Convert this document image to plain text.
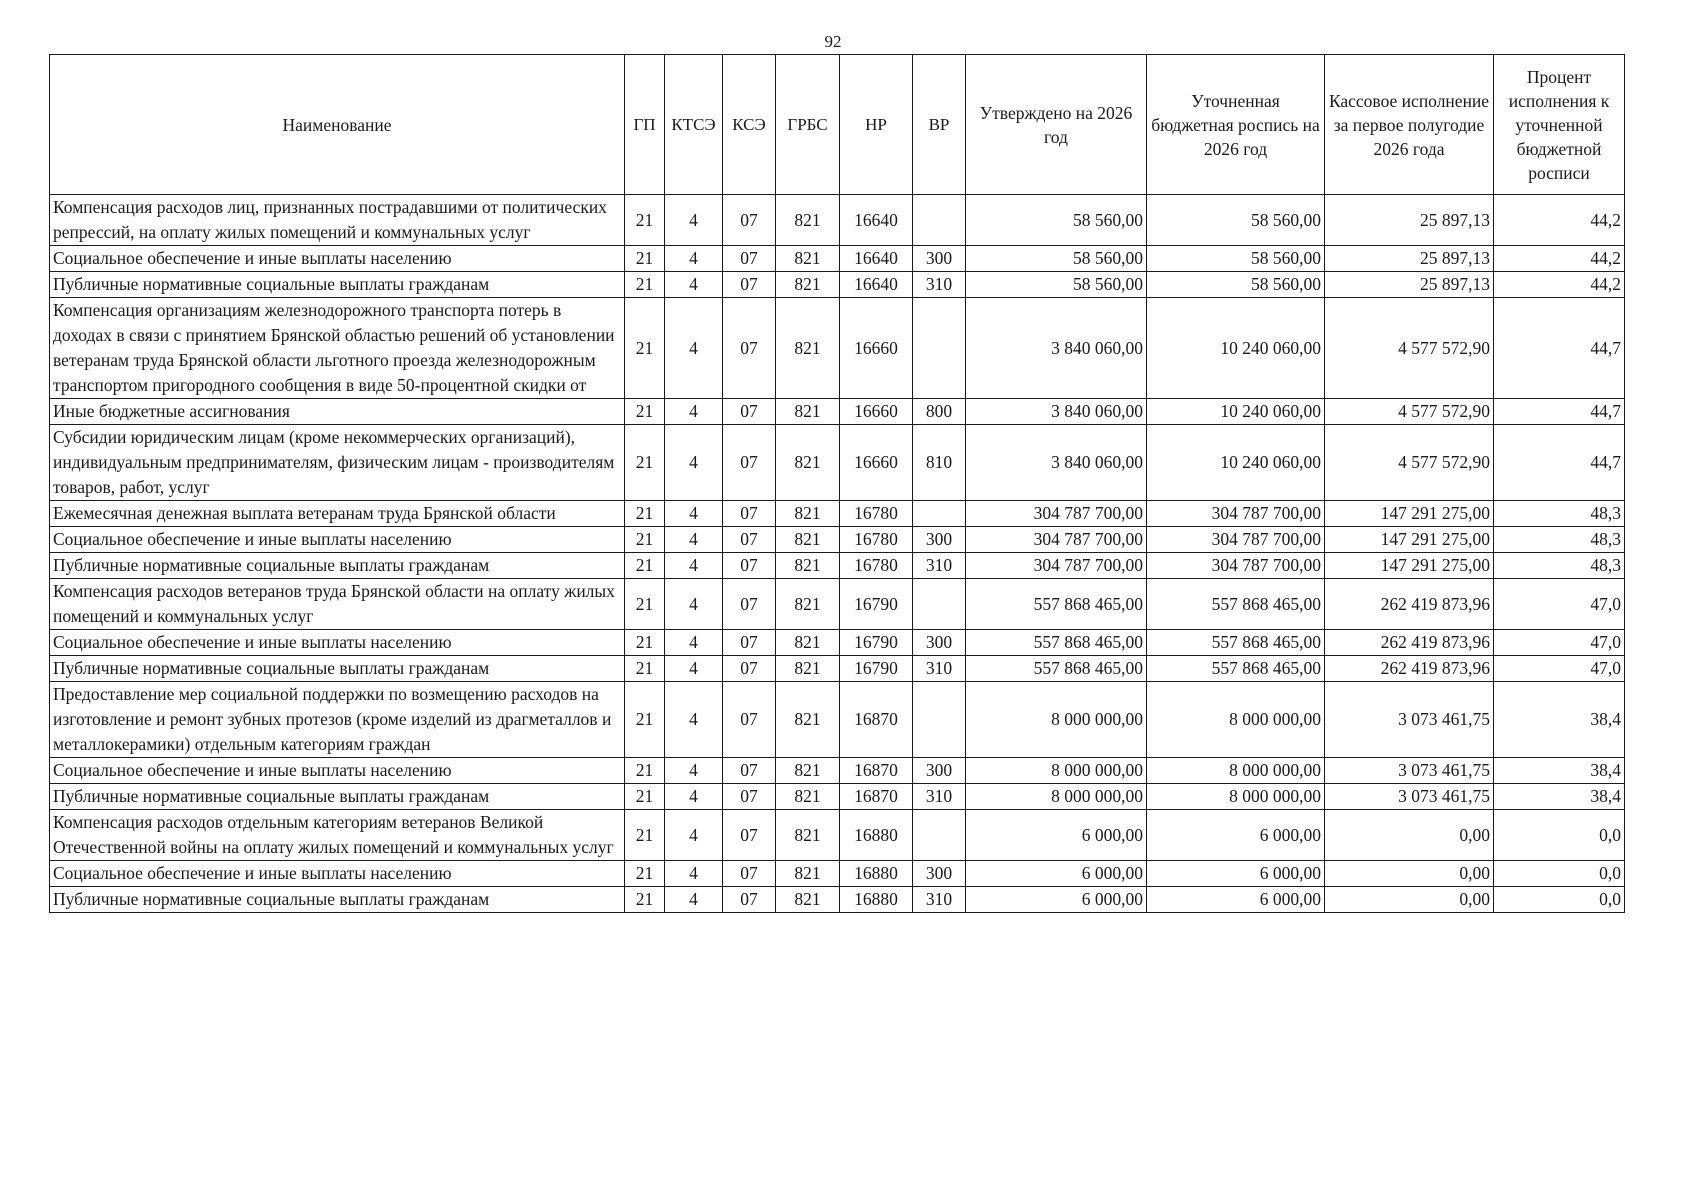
92
Наименование	ГП	КТСЭ	КСЭ	ГРБС	НР	ВР	Утверждено на 2026 год	Уточненная бюджетная роспись на 2026 год	Кассовое исполнение за первое полугодие 2026 года	Процент исполнения к уточненной бюджетной росписи
Компенсация расходов лиц, признанных пострадавшими от политических репрессий, на оплату жилых помещений и коммунальных услуг	21	4	07	821	16640		58 560,00	58 560,00	25 897,13	44,2
Социальное обеспечение и иные выплаты населению	21	4	07	821	16640	300	58 560,00	58 560,00	25 897,13	44,2
Публичные нормативные социальные выплаты гражданам	21	4	07	821	16640	310	58 560,00	58 560,00	25 897,13	44,2
Компенсация организациям железнодорожного транспорта потерь в доходах в связи с принятием Брянской областью решений об установлении ветеранам труда Брянской области льготного проезда железнодорожным транспортом пригородного сообщения в виде 50-процентной скидки от	21	4	07	821	16660		3 840 060,00	10 240 060,00	4 577 572,90	44,7
Иные бюджетные ассигнования	21	4	07	821	16660	800	3 840 060,00	10 240 060,00	4 577 572,90	44,7
Субсидии юридическим лицам (кроме некоммерческих организаций), индивидуальным предпринимателям, физическим лицам - производителям товаров, работ, услуг	21	4	07	821	16660	810	3 840 060,00	10 240 060,00	4 577 572,90	44,7
Ежемесячная денежная выплата ветеранам труда Брянской области	21	4	07	821	16780		304 787 700,00	304 787 700,00	147 291 275,00	48,3
Социальное обеспечение и иные выплаты населению	21	4	07	821	16780	300	304 787 700,00	304 787 700,00	147 291 275,00	48,3
Публичные нормативные социальные выплаты гражданам	21	4	07	821	16780	310	304 787 700,00	304 787 700,00	147 291 275,00	48,3
Компенсация расходов ветеранов труда Брянской области на оплату жилых помещений и коммунальных услуг	21	4	07	821	16790		557 868 465,00	557 868 465,00	262 419 873,96	47,0
Социальное обеспечение и иные выплаты населению	21	4	07	821	16790	300	557 868 465,00	557 868 465,00	262 419 873,96	47,0
Публичные нормативные социальные выплаты гражданам	21	4	07	821	16790	310	557 868 465,00	557 868 465,00	262 419 873,96	47,0
Предоставление мер социальной поддержки по возмещению расходов на изготовление и ремонт зубных протезов (кроме изделий из драгметаллов и металлокерамики) отдельным категориям граждан	21	4	07	821	16870		8 000 000,00	8 000 000,00	3 073 461,75	38,4
Социальное обеспечение и иные выплаты населению	21	4	07	821	16870	300	8 000 000,00	8 000 000,00	3 073 461,75	38,4
Публичные нормативные социальные выплаты гражданам	21	4	07	821	16870	310	8 000 000,00	8 000 000,00	3 073 461,75	38,4
Компенсация расходов отдельным категориям ветеранов Великой Отечественной войны на оплату жилых помещений и коммунальных услуг	21	4	07	821	16880		6 000,00	6 000,00	0,00	0,0
Социальное обеспечение и иные выплаты населению	21	4	07	821	16880	300	6 000,00	6 000,00	0,00	0,0
Публичные нормативные социальные выплаты гражданам	21	4	07	821	16880	310	6 000,00	6 000,00	0,00	0,0
